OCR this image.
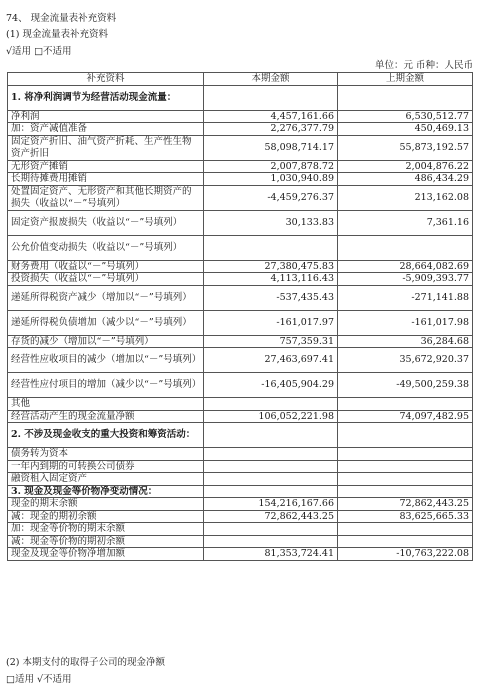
74、 现金流量表补充资料
(1) 现金流量表补充资料
√适用 □不适用
单位：元 币种：人民币
补充资料	本期金额	上期金额
1. 将净利润调节为经营活动现金流量：		
净利润	4,457,161.66	6,530,512.77
加：资产减值准备	2,276,377.79	450,469.13
固定资产折旧、油气资产折耗、生产性生物资产折旧	58,098,714.17	55,873,192.57
无形资产摊销	2,007,878.72	2,004,876.22
长期待摊费用摊销	1,030,940.89	486,434.29
处置固定资产、无形资产和其他长期资产的损失（收益以“－”号填列）	-4,459,276.37	213,162.08
固定资产报废损失（收益以“－”号填列）	30,133.83	7,361.16
公允价值变动损失（收益以“－”号填列）		
财务费用（收益以“－”号填列）	27,380,475.83	28,664,082.69
投资损失（收益以“－”号填列）	4,113,116.43	-5,909,393.77
递延所得税资产减少（增加以“－”号填列）	-537,435.43	-271,141.88
递延所得税负债增加（减少以“－”号填列）	-161,017.97	-161,017.98
存货的减少（增加以“－”号填列）	757,359.31	36,284.68
经营性应收项目的减少（增加以“－”号填列）	27,463,697.41	35,672,920.37
经营性应付项目的增加（减少以“－”号填列）	-16,405,904.29	-49,500,259.38
其他		
经营活动产生的现金流量净额	106,052,221.98	74,097,482.95
2. 不涉及现金收支的重大投资和筹资活动：		
债务转为资本		
一年内到期的可转换公司债券		
融资租入固定资产		
3. 现金及现金等价物净变动情况：		
现金的期末余额	154,216,167.66	72,862,443.25
减：现金的期初余额	72,862,443.25	83,625,665.33
加：现金等价物的期末余额		
减：现金等价物的期初余额		
现金及现金等价物净增加额	81,353,724.41	-10,763,222.08
(2) 本期支付的取得子公司的现金净额
□适用 √不适用
